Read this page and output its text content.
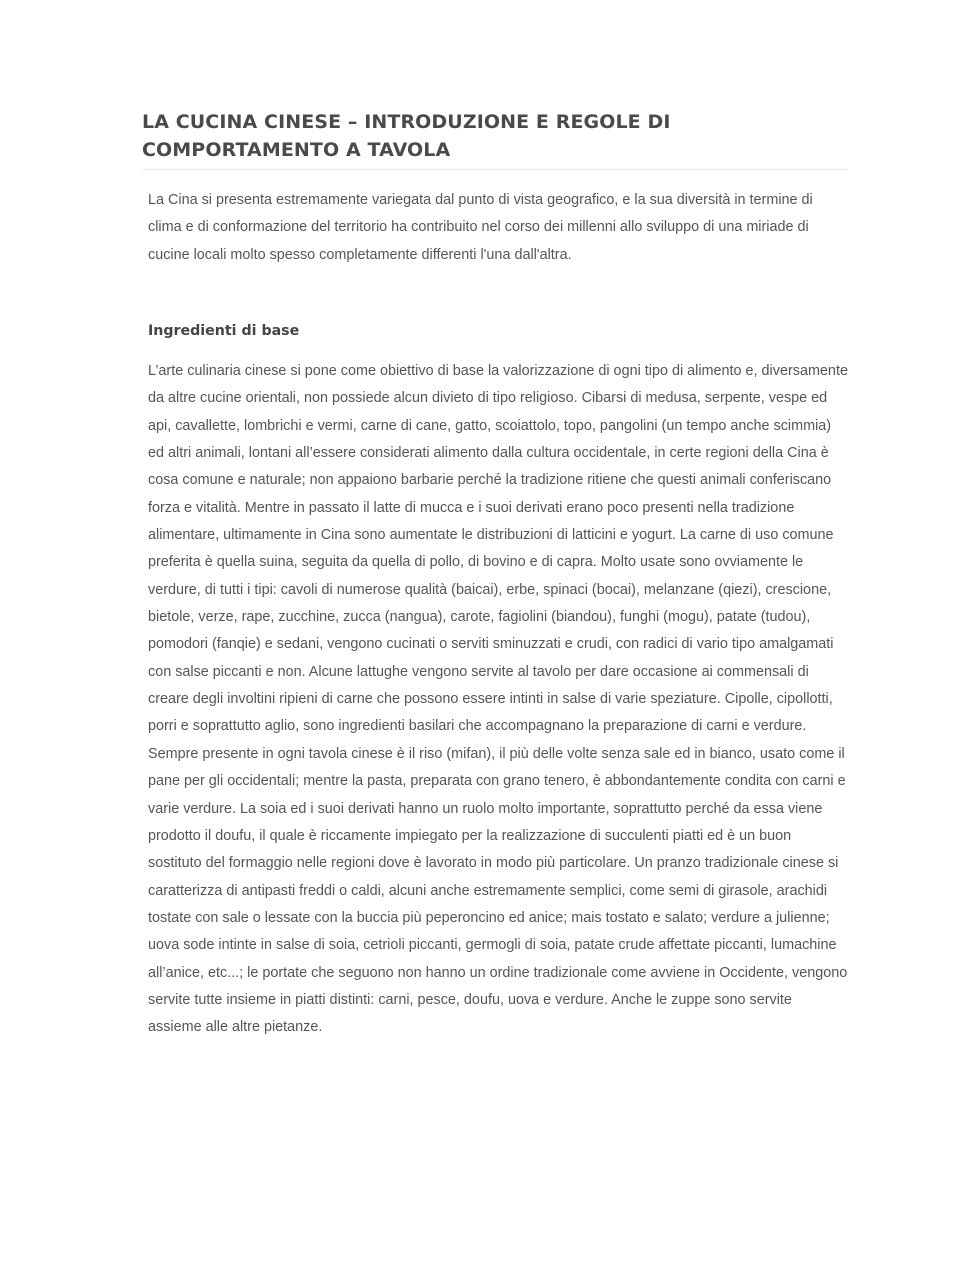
LA CUCINA CINESE – INTRODUZIONE E REGOLE DI COMPORTAMENTO A TAVOLA

La Cina si presenta estremamente variegata dal punto di vista geografico, e la sua diversità in termine di clima e di conformazione del territorio ha contribuito nel corso dei millenni allo sviluppo di una miriade di cucine locali molto spesso completamente differenti l'una dall'altra.

Ingredienti di base

L’arte culinaria cinese si pone come obiettivo di base la valorizzazione di ogni tipo di alimento e, diversamente da altre cucine orientali, non possiede alcun divieto di tipo religioso. Cibarsi di medusa, serpente, vespe ed api, cavallette, lombrichi e vermi, carne di cane, gatto, scoiattolo, topo, pangolini (un tempo anche scimmia) ed altri animali, lontani all’essere considerati alimento dalla cultura occidentale, in certe regioni della Cina è cosa comune e naturale; non appaiono barbarie perché la tradizione ritiene che questi animali conferiscano forza e vitalità. Mentre in passato il latte di mucca e i suoi derivati erano poco presenti nella tradizione alimentare, ultimamente in Cina sono aumentate le distribuzioni di latticini e yogurt. La carne di uso comune preferita è quella suina, seguita da quella di pollo, di bovino e di capra. Molto usate sono ovviamente le verdure, di tutti i tipi: cavoli di numerose qualità (baicai), erbe, spinaci (bocai), melanzane (qiezi), crescione, bietole, verze, rape, zucchine, zucca (nangua), carote, fagiolini (biandou), funghi (mogu), patate (tudou), pomodori (fanqie) e sedani, vengono cucinati o serviti sminuzzati e crudi, con radici di vario tipo amalgamati con salse piccanti e non. Alcune lattughe vengono servite al tavolo per dare occasione ai commensali di creare degli involtini ripieni di carne che possono essere intinti in salse di varie speziature. Cipolle, cipollotti, porri e soprattutto aglio, sono ingredienti basilari che accompagnano la preparazione di carni e verdure. Sempre presente in ogni tavola cinese è il riso (mifan), il più delle volte senza sale ed in bianco, usato come il pane per gli occidentali; mentre la pasta, preparata con grano tenero, è abbondantemente condita con carni e varie verdure. La soia ed i suoi derivati hanno un ruolo molto importante, soprattutto perché da essa viene prodotto il doufu, il quale è riccamente impiegato per la realizzazione di succulenti piatti ed è un buon sostituto del formaggio nelle regioni dove è lavorato in modo più particolare. Un pranzo tradizionale cinese si caratterizza di antipasti freddi o caldi, alcuni anche estremamente semplici, come semi di girasole, arachidi tostate con sale o lessate con la buccia più peperoncino ed anice; mais tostato e salato; verdure a julienne; uova sode intinte in salse di soia, cetrioli piccanti, germogli di soia, patate crude affettate piccanti, lumachine all’anice, etc...; le portate che seguono non hanno un ordine tradizionale come avviene in Occidente, vengono servite tutte insieme in piatti distinti: carni, pesce, doufu, uova e verdure. Anche le zuppe sono servite assieme alle altre pietanze.
